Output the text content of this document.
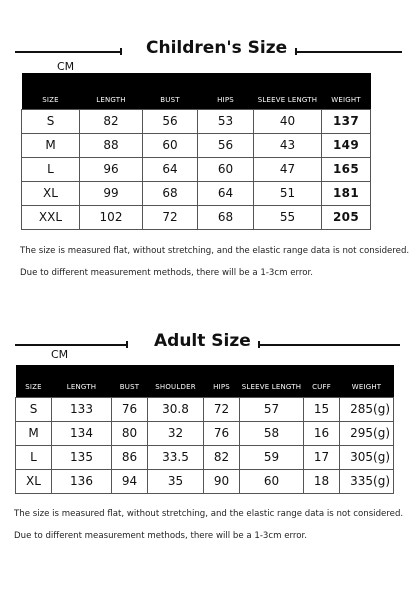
Children's Size
CM
SIZE	LENGTH	BUST	HIPS	SLEEVE LENGTH	WEIGHT
S	82	56	53	40	137
M	88	60	56	43	149
L	96	64	60	47	165
XL	99	68	64	51	181
XXL	102	72	68	55	205
The size is measured flat, without stretching, and the elastic range data is not considered.
Due to different measurement methods, there will be a 1-3cm error.
Adult Size
CM
SIZE	LENGTH	BUST	SHOULDER	HIPS	SLEEVE LENGTH	CUFF	WEIGHT
S	133	76	30.8	72	57	15	285(g)
M	134	80	32	76	58	16	295(g)
L	135	86	33.5	82	59	17	305(g)
XL	136	94	35	90	60	18	335(g)
The size is measured flat, without stretching, and the elastic range data is not considered.
Due to different measurement methods, there will be a 1-3cm error.
